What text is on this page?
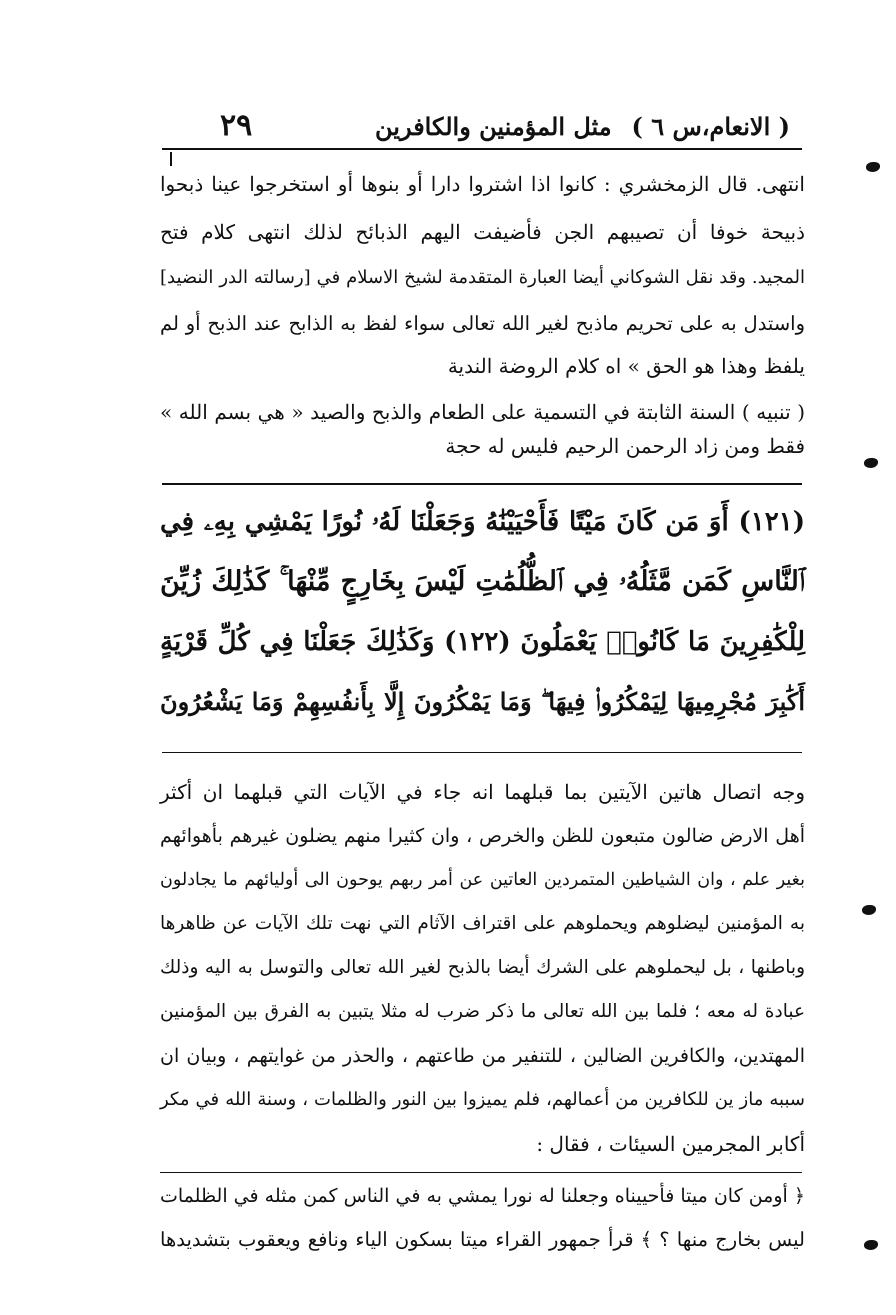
٢٩	مثل المؤمنين والكافرين ( الانعام،س ٦ )
انتهى. قال الزمخشري : كانوا اذا اشتروا دارا أو بنوها أو استخرجوا عينا ذبحوا
ذبيحة خوفا أن تصيبهم الجن فأضيفت اليهم الذبائح لذلك انتهى كلام فتح
المجيد. وقد نقل الشوكاني أيضا العبارة المتقدمة لشيخ الاسلام في [رسالته الدر النضيد]
واستدل به على تحريم ماذبح لغير الله تعالى سواء لفظ به الذابح عند الذبح أو لم
يلفظ وهذا هو الحق » اه كلام الروضة الندية
( تنبيه ) السنة الثابتة في التسمية على الطعام والذبح والصيد « هي بسم الله »
فقط ومن زاد الرحمن الرحيم فليس له حجة
(١٢١) أَوَ مَن كَانَ مَيْتًا فَأَحْيَيْنَٰهُ وَجَعَلْنَا لَهُۥ نُورًا يَمْشِي بِهِۦ فِي
ٱلنَّاسِ كَمَن مَّثَلُهُۥ فِي ٱلظُّلُمَٰتِ لَيْسَ بِخَارِجٍ مِّنْهَا ۚ كَذَٰلِكَ زُيِّنَ
لِلْكَٰفِرِينَ مَا كَانُوا۟ يَعْمَلُونَ (١٢٢) وَكَذَٰلِكَ جَعَلْنَا فِي كُلِّ قَرْيَةٍ
أَكَٰبِرَ مُجْرِمِيهَا لِيَمْكُرُوا۟ فِيهَا ۖ وَمَا يَمْكُرُونَ إِلَّا بِأَنفُسِهِمْ وَمَا يَشْعُرُونَ
وجه اتصال هاتين الآيتين بما قبلهما انه جاء في الآيات التي قبلهما ان أكثر
أهل الارض ضالون متبعون للظن والخرص ، وان كثيرا منهم يضلون غيرهم بأهوائهم
بغير علم ، وان الشياطين المتمردين العاتين عن أمر ربهم يوحون الى أوليائهم ما يجادلون
به المؤمنين ليضلوهم ويحملوهم على اقتراف الآثام التي نهت تلك الآيات عن ظاهرها
وباطنها ، بل ليحملوهم على الشرك أيضا بالذبح لغير الله تعالى والتوسل به اليه وذلك
عبادة له معه ؛ فلما بين الله تعالى ما ذكر ضرب له مثلا يتبين به الفرق بين المؤمنين
المهتدين، والكافرين الضالين ، للتنفير من طاعتهم ، والحذر من غوايتهم ، وبيان ان
سببه ماز ين للكافرين من أعمالهم، فلم يميزوا بين النور والظلمات ، وسنة الله في مكر
أكابر المجرمين السيئات ، فقال :
﴿ أومن كان ميتا فأحييناه وجعلنا له نورا يمشي به في الناس كمن مثله في الظلمات
ليس بخارج منها ؟ ﴾ قرأ جمهور القراء ميتا بسكون الياء ونافع ويعقوب بتشديدها
